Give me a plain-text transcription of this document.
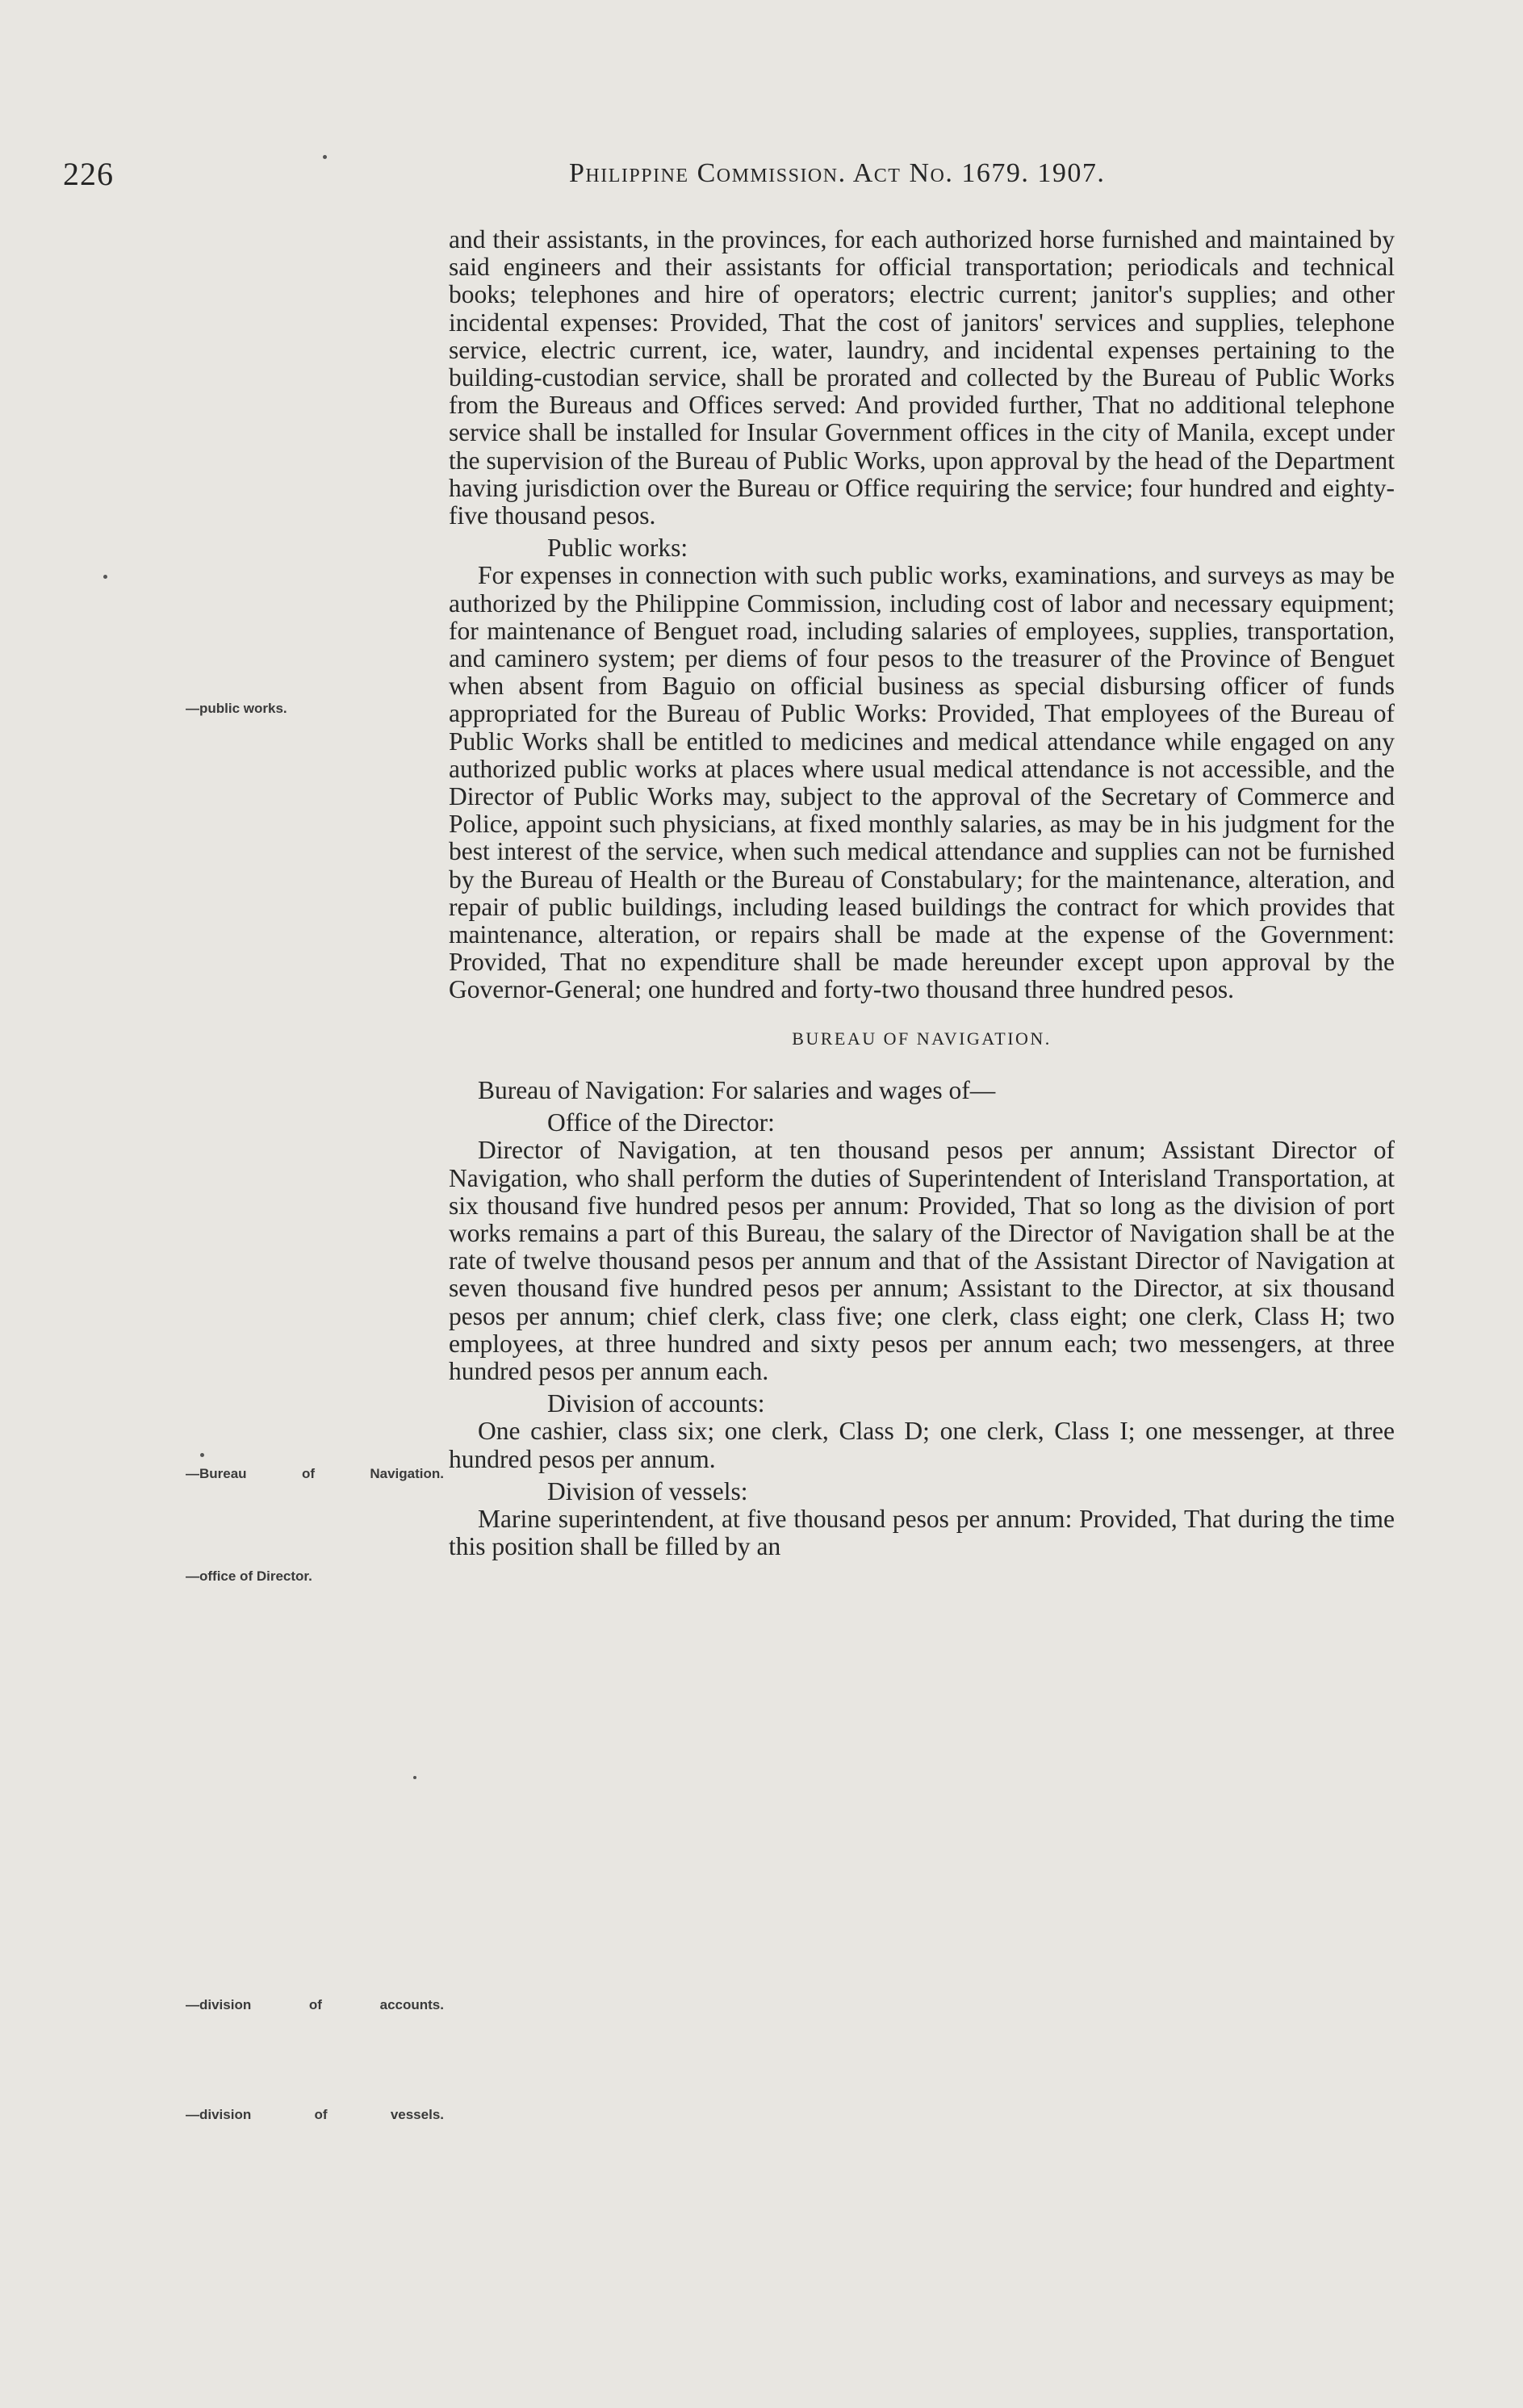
226	Philippine Commission. Act No. 1679. 1907.
—public works.
—Bureau of Navigation.
—office of Director.
—division of accounts.
—division of vessels.

and their assistants, in the provinces, for each authorized horse furnished and maintained by said engineers and their assistants for official transportation; periodicals and technical books; telephones and hire of operators; electric current; janitor's supplies; and other incidental expenses: Provided, That the cost of janitors' services and supplies, telephone service, electric current, ice, water, laundry, and incidental expenses pertaining to the building-custodian service, shall be prorated and collected by the Bureau of Public Works from the Bureaus and Offices served: And provided further, That no additional telephone service shall be installed for Insular Government offices in the city of Manila, except under the supervision of the Bureau of Public Works, upon approval by the head of the Department having jurisdiction over the Bureau or Office requiring the service; four hundred and eighty-five thousand pesos.

Public works:

For expenses in connection with such public works, examinations, and surveys as may be authorized by the Philippine Commission, including cost of labor and necessary equipment; for maintenance of Benguet road, including salaries of employees, supplies, transportation, and caminero system; per diems of four pesos to the treasurer of the Province of Benguet when absent from Baguio on official business as special disbursing officer of funds appropriated for the Bureau of Public Works: Provided, That employees of the Bureau of Public Works shall be entitled to medicines and medical attendance while engaged on any authorized public works at places where usual medical attendance is not accessible, and the Director of Public Works may, subject to the approval of the Secretary of Commerce and Police, appoint such physicians, at fixed monthly salaries, as may be in his judgment for the best interest of the service, when such medical attendance and supplies can not be furnished by the Bureau of Health or the Bureau of Constabulary; for the maintenance, alteration, and repair of public buildings, including leased buildings the contract for which provides that maintenance, alteration, or repairs shall be made at the expense of the Government: Provided, That no expenditure shall be made hereunder except upon approval by the Governor-General; one hundred and forty-two thousand three hundred pesos.

BUREAU OF NAVIGATION.

Bureau of Navigation: For salaries and wages of—

Office of the Director:

Director of Navigation, at ten thousand pesos per annum; Assistant Director of Navigation, who shall perform the duties of Superintendent of Interisland Transportation, at six thousand five hundred pesos per annum: Provided, That so long as the division of port works remains a part of this Bureau, the salary of the Director of Navigation shall be at the rate of twelve thousand pesos per annum and that of the Assistant Director of Navigation at seven thousand five hundred pesos per annum; Assistant to the Director, at six thousand pesos per annum; chief clerk, class five; one clerk, class eight; one clerk, Class H; two employees, at three hundred and sixty pesos per annum each; two messengers, at three hundred pesos per annum each.

Division of accounts:

One cashier, class six; one clerk, Class D; one clerk, Class I; one messenger, at three hundred pesos per annum.

Division of vessels:

Marine superintendent, at five thousand pesos per annum: Provided, That during the time this position shall be filled by an
